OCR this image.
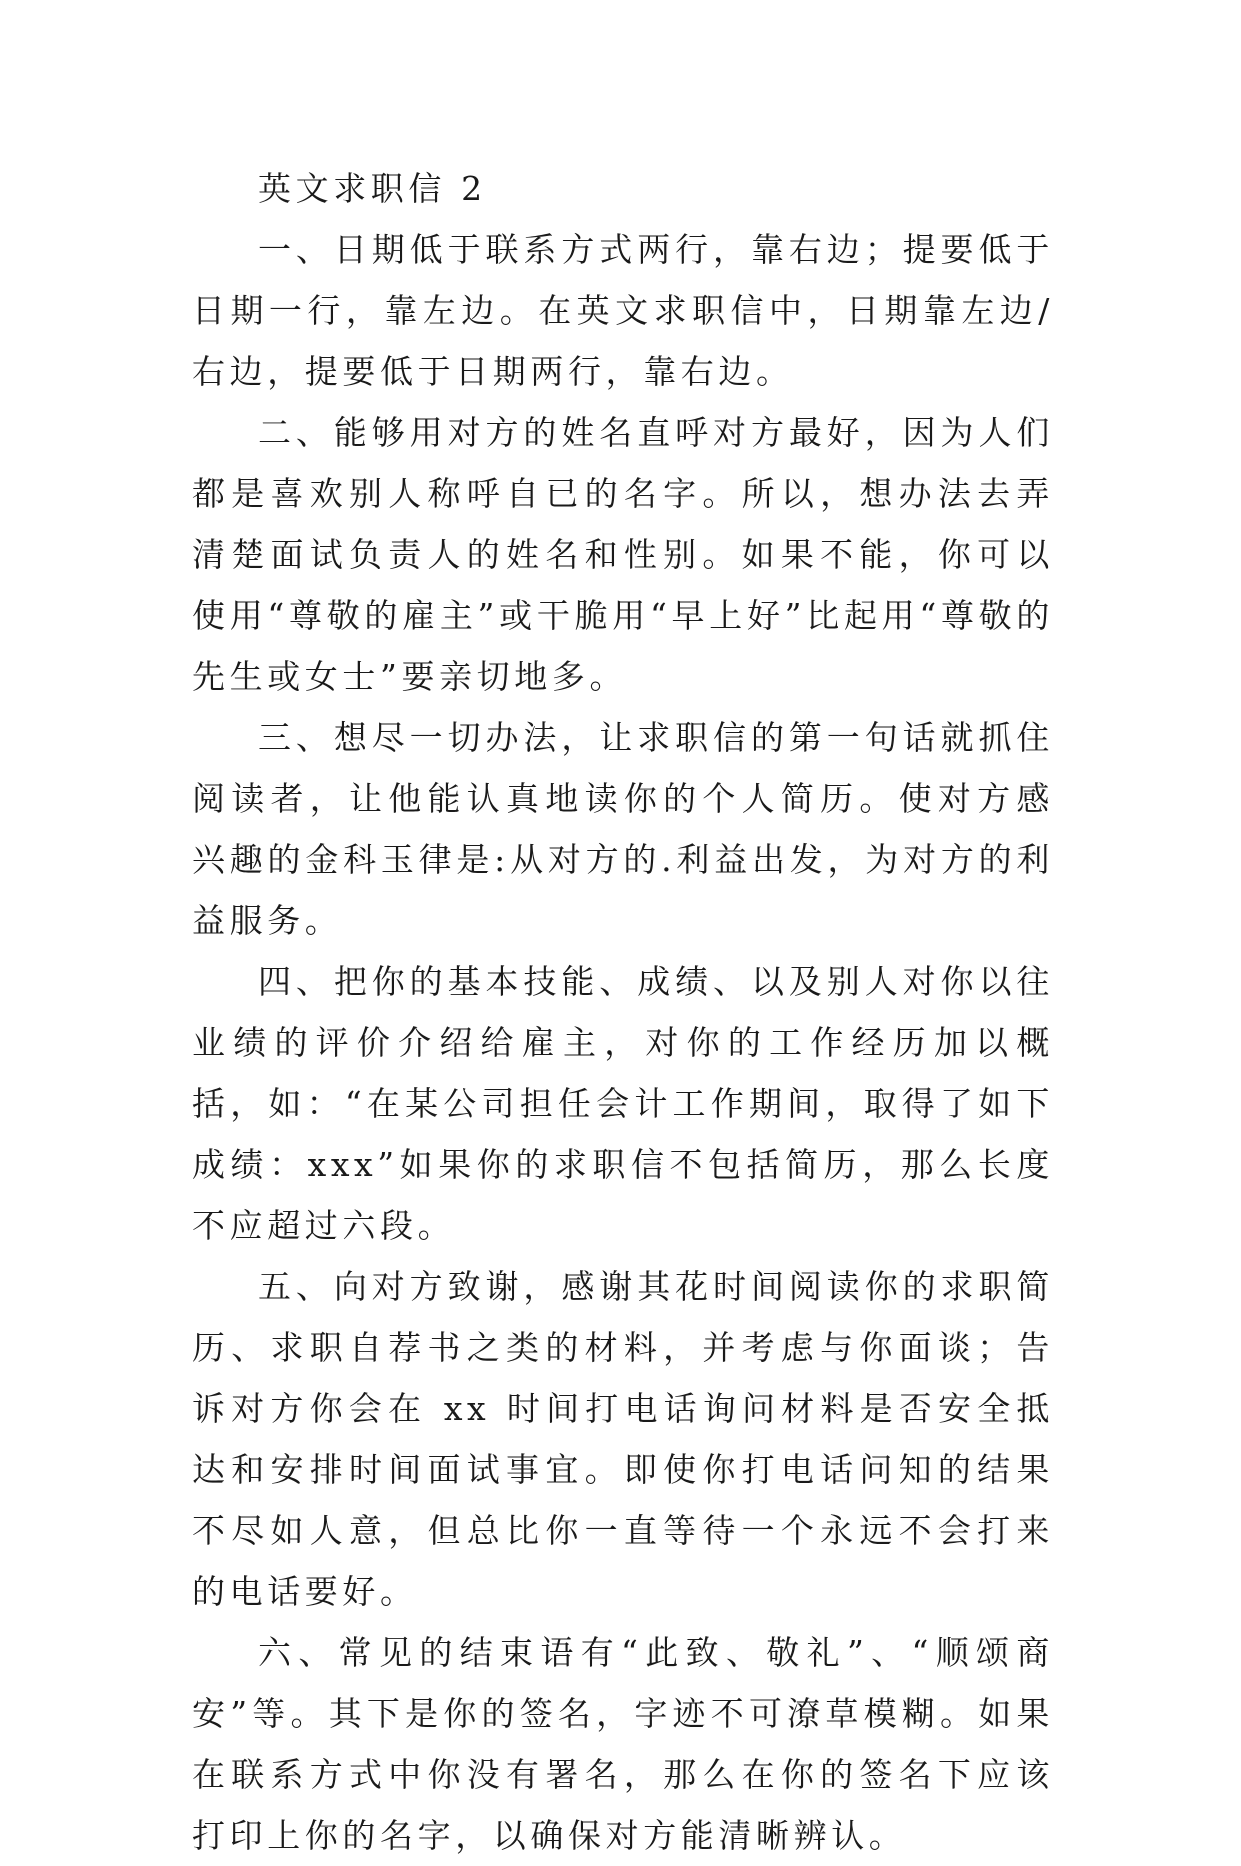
英文求职信 2

一、日期低于联系方式两行，靠右边；提要低于日期一行，靠左边。在英文求职信中，日期靠左边/右边，提要低于日期两行，靠右边。

二、能够用对方的姓名直呼对方最好，因为人们都是喜欢别人称呼自已的名字。所以，想办法去弄清楚面试负责人的姓名和性别。如果不能，你可以使用“尊敬的雇主”或干脆用“早上好”比起用“尊敬的先生或女士”要亲切地多。

三、想尽一切办法，让求职信的第一句话就抓住阅读者，让他能认真地读你的个人简历。使对方感兴趣的金科玉律是:从对方的.利益出发，为对方的利益服务。

四、把你的基本技能、成绩、以及别人对你以往业绩的评价介绍给雇主，对你的工作经历加以概括，如：“在某公司担任会计工作期间，取得了如下成绩：xxx”如果你的求职信不包括简历，那么长度不应超过六段。

五、向对方致谢，感谢其花时间阅读你的求职简历、求职自荐书之类的材料，并考虑与你面谈；告诉对方你会在 xx 时间打电话询问材料是否安全抵达和安排时间面试事宜。即使你打电话问知的结果不尽如人意，但总比你一直等待一个永远不会打来的电话要好。

六、常见的结束语有“此致、敬礼”、“顺颂商安”等。其下是你的签名，字迹不可潦草模糊。如果在联系方式中你没有署名，那么在你的签名下应该打印上你的名字，以确保对方能清晰辨认。
